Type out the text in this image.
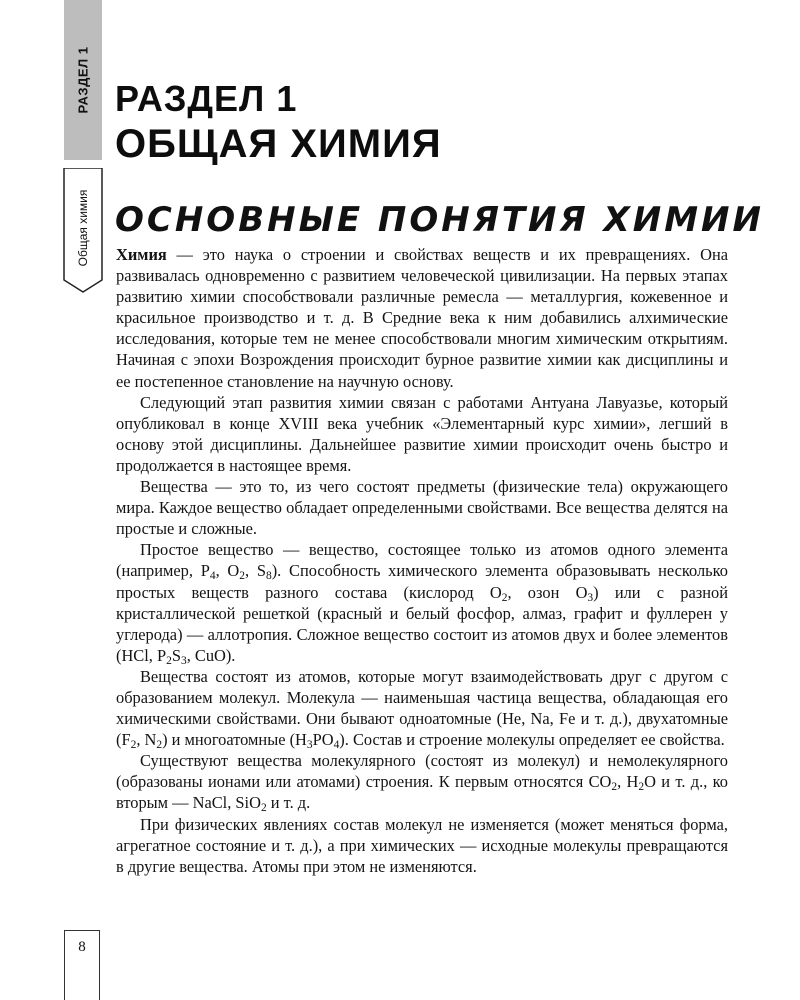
РАЗДЕЛ 1
Общая химия
РАЗДЕЛ 1
ОБЩАЯ ХИМИЯ
ОСНОВНЫЕ ПОНЯТИЯ ХИМИИ

Химия — это наука о строении и свойствах веществ и их превращениях. Она развивалась одновременно с развитием человеческой цивилизации. На первых этапах развитию химии способствовали различные ремесла — металлургия, кожевенное и красильное производство и т. д. В Средние века к ним добавились алхимические исследования, которые тем не менее способствовали многим химическим открытиям. Начиная с эпохи Возрождения происходит бурное развитие химии как дисциплины и ее постепенное становление на научную основу.

Следующий этап развития химии связан с работами Антуана Лавуазье, который опубликовал в конце XVIII века учебник «Элементарный курс химии», легший в основу этой дисциплины. Дальнейшее развитие химии происходит очень быстро и продолжается в настоящее время.

Вещества — это то, из чего состоят предметы (физические тела) окружающего мира. Каждое вещество обладает определенными свойствами. Все вещества делятся на простые и сложные.

Простое вещество — вещество, состоящее только из атомов одного элемента (например, $P_4$, $O_2$, $S_8$). Способность химического элемента образовывать несколько простых веществ разного состава (кислород $O_2$, озон $O_3$) или с разной кристаллической решеткой (красный и белый фосфор, алмаз, графит и фуллерен у углерода) — аллотропия. Сложное вещество состоит из атомов двух и более элементов (HCl, $P_2S_3$, CuO).

Вещества состоят из атомов, которые могут взаимодействовать друг с другом с образованием молекул. Молекула — наименьшая частица вещества, обладающая его химическими свойствами. Они бывают одноатомные (He, Na, Fe и т. д.), двухатомные ($F_2$, $N_2$) и многоатомные $(H_3PO_4)$. Состав и строение молекулы определяет ее свойства.

Существуют вещества молекулярного (состоят из молекул) и немолекулярного (образованы ионами или атомами) строения. К первым относятся $CO_2$, $H_2O$ и т. д., ко вторым — NaCl, SiO$_2$ и т. д.

При физических явлениях состав молекул не изменяется (может меняться форма, агрегатное состояние и т. д.), а при химических — исходные молекулы превращаются в другие вещества. Атомы при этом не изменяются.

8
